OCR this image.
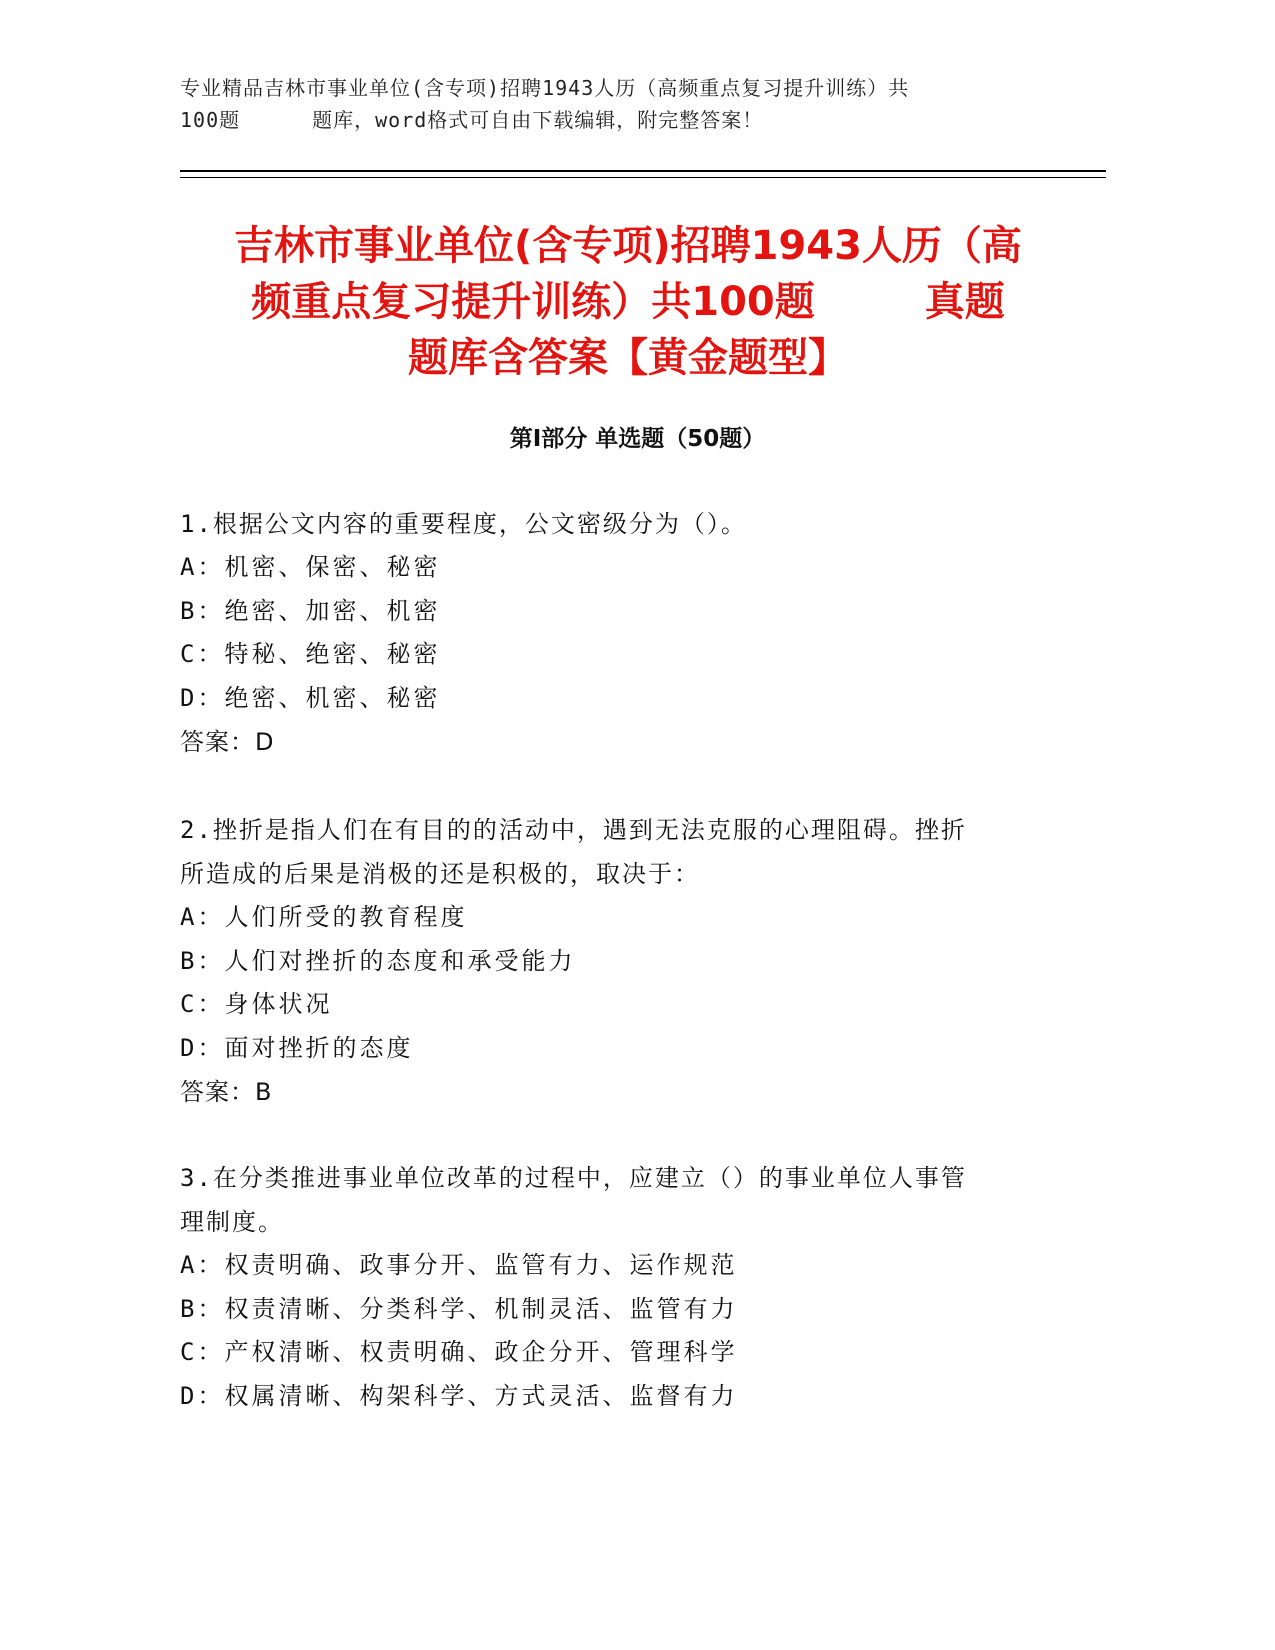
专业精品吉林市事业单位(含专项)招聘1943人历（高频重点复习提升训练）共
100题	题库，word格式可自由下载编辑，附完整答案！
吉林市事业单位(含专项)招聘1943人历（高
频重点复习提升训练）共100题	真题
题库含答案【黄金题型】
第I部分 单选题（50题）
1.根据公文内容的重要程度，公文密级分为（）。
A：机密、保密、秘密
B：绝密、加密、机密
C：特秘、绝密、秘密
D：绝密、机密、秘密
答案：D
2.挫折是指人们在有目的的活动中，遇到无法克服的心理阻碍。挫折
所造成的后果是消极的还是积极的，取决于：
A：人们所受的教育程度
B：人们对挫折的态度和承受能力
C：身体状况
D：面对挫折的态度
答案：B
3.在分类推进事业单位改革的过程中，应建立（）的事业单位人事管
理制度。
A：权责明确、政事分开、监管有力、运作规范
B：权责清晰、分类科学、机制灵活、监管有力
C：产权清晰、权责明确、政企分开、管理科学
D：权属清晰、构架科学、方式灵活、监督有力
